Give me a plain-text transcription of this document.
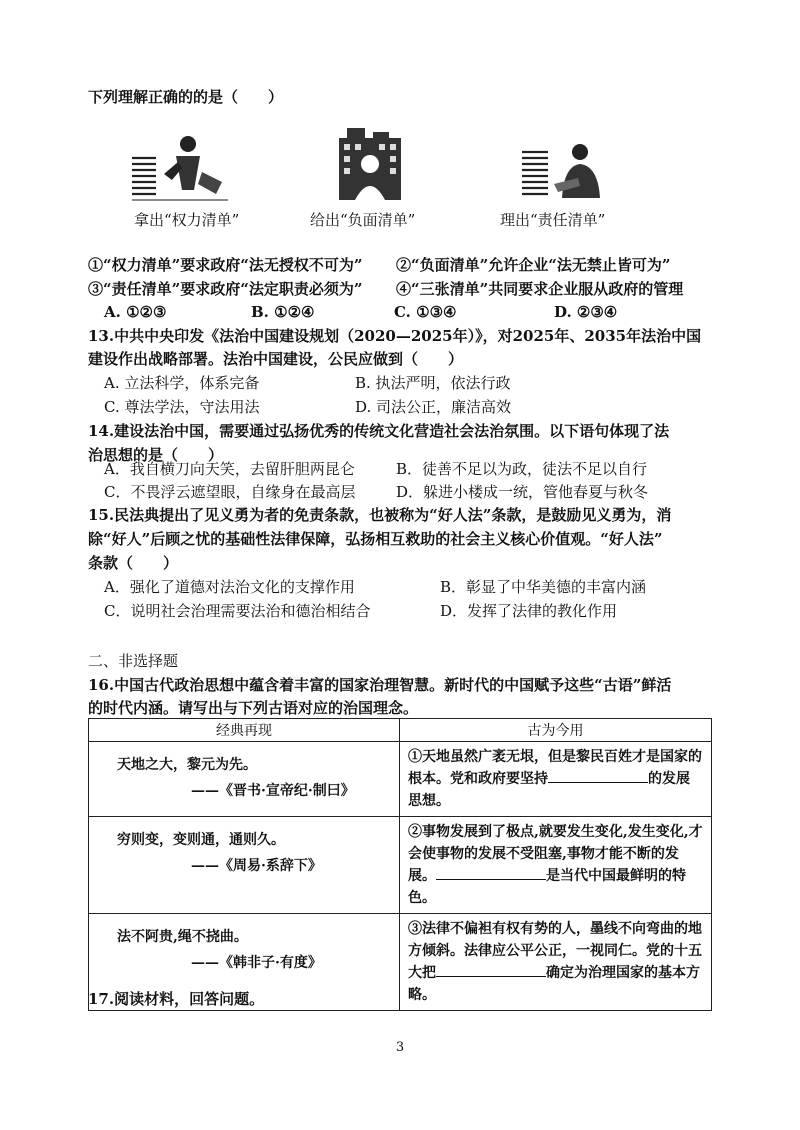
下列理解正确的的是（　　）
拿出“权力清单”	给出“负面清单”	理出“责任清单”
①“权力清单”要求政府“法无授权不可为” ②“负面清单”允许企业“法无禁止皆可为”
③“责任清单”要求政府“法定职责必须为” ④“三张清单”共同要求企业服从政府的管理
A. ①②③	B. ①②④	C. ①③④	D. ②③④
13.中共中央印发《法治中国建设规划（2020—2025年）》，对2025年、2035年法治中国
建设作出战略部署。法治中国建设，公民应做到（　　）
A. 立法科学，体系完备	B. 执法严明，依法行政
C. 尊法学法，守法用法	D. 司法公正，廉洁高效
14.建设法治中国，需要通过弘扬优秀的传统文化营造社会法治氛围。以下语句体现了法
治思想的是（　　）
A．我自横刀向天笑，去留肝胆两昆仑	B．徒善不足以为政，徒法不足以自行
C．不畏浮云遮望眼，自缘身在最高层	D．躲进小楼成一统，管他春夏与秋冬
15.民法典提出了见义勇为者的免责条款，也被称为“好人法”条款，是鼓励见义勇为，消
除“好人”后顾之忧的基础性法律保障，弘扬相互救助的社会主义核心价值观。“好人法”
条款（　　）
A．强化了道德对法治文化的支撑作用	B．彰显了中华美德的丰富内涵
C．说明社会治理需要法治和德治相结合	D．发挥了法律的教化作用
二、非选择题
16.中国古代政治思想中蕴含着丰富的国家治理智慧。新时代的中国赋予这些“古语”鲜活
的时代内涵。请写出与下列古语对应的治国理念。
经典再现	古为今用
天地之大，黎元为先。
——《晋书·宣帝纪·制曰》	①天地虽然广袤无垠，但是黎民百姓才是国家的根本。党和政府要坚持 的发展思想。
穷则变，变则通，通则久。
——《周易·系辞下》	②事物发展到了极点,就要发生变化,发生变化,才会使事物的发展不受阻塞,事物才能不断的发展。 是当代中国最鲜明的特色。
法不阿贵,绳不挠曲。
——《韩非子·有度》	③法律不偏袒有权有势的人，墨线不向弯曲的地方倾斜。法律应公平公正，一视同仁。党的十五大把 确定为治理国家的基本方略。
17.阅读材料，回答问题。
3
